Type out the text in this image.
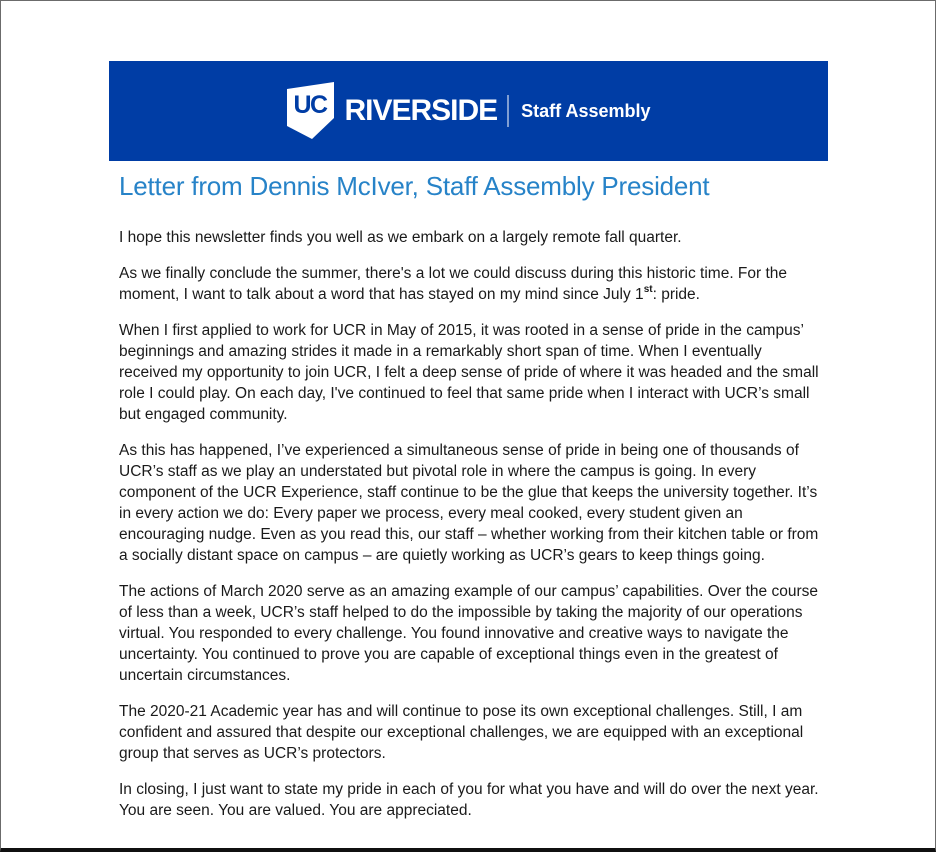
UC RIVERSIDE Staff Assembly
Letter from Dennis McIver, Staff Assembly President

I hope this newsletter finds you well as we embark on a largely remote fall quarter.

As we finally conclude the summer, there's a lot we could discuss during this historic time. For the moment, I want to talk about a word that has stayed on my mind since July 1st: pride.

When I first applied to work for UCR in May of 2015, it was rooted in a sense of pride in the campus’ beginnings and amazing strides it made in a remarkably short span of time. When I eventually received my opportunity to join UCR, I felt a deep sense of pride of where it was headed and the small role I could play. On each day, I've continued to feel that same pride when I interact with UCR’s small but engaged community.

As this has happened, I’ve experienced a simultaneous sense of pride in being one of thousands of UCR’s staff as we play an understated but pivotal role in where the campus is going. In every component of the UCR Experience, staff continue to be the glue that keeps the university together. It’s in every action we do: Every paper we process, every meal cooked, every student given an encouraging nudge. Even as you read this, our staff – whether working from their kitchen table or from a socially distant space on campus – are quietly working as UCR’s gears to keep things going.

The actions of March 2020 serve as an amazing example of our campus’ capabilities. Over the course of less than a week, UCR’s staff helped to do the impossible by taking the majority of our operations virtual. You responded to every challenge. You found innovative and creative ways to navigate the uncertainty. You continued to prove you are capable of exceptional things even in the greatest of uncertain circumstances.

The 2020-21 Academic year has and will continue to pose its own exceptional challenges. Still, I am confident and assured that despite our exceptional challenges, we are equipped with an exceptional group that serves as UCR’s protectors.

In closing, I just want to state my pride in each of you for what you have and will do over the next year. You are seen. You are valued. You are appreciated.
